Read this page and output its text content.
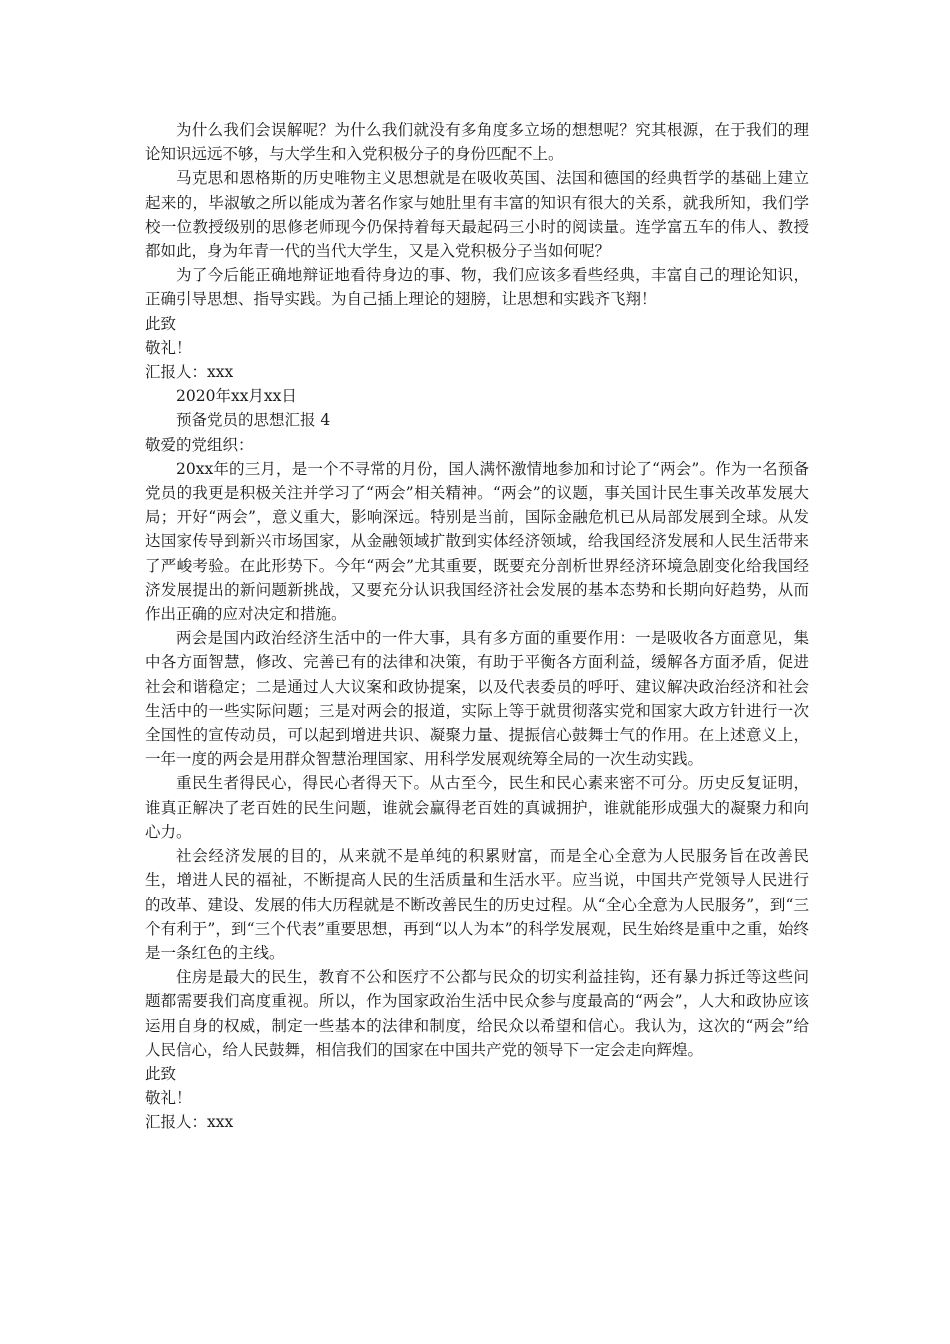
为什么我们会误解呢？为什么我们就没有多角度多立场的想想呢？究其根源，在于我们的理论知识远远不够，与大学生和入党积极分子的身份匹配不上。

马克思和恩格斯的历史唯物主义思想就是在吸收英国、法国和德国的经典哲学的基础上建立起来的，毕淑敏之所以能成为著名作家与她肚里有丰富的知识有很大的关系，就我所知，我们学校一位教授级别的思修老师现今仍保持着每天最起码三小时的阅读量。连学富五车的伟人、教授都如此，身为年青一代的当代大学生，又是入党积极分子当如何呢？

为了今后能正确地辩证地看待身边的事、物，我们应该多看些经典，丰富自己的理论知识，正确引导思想、指导实践。为自己插上理论的翅膀，让思想和实践齐飞翔！

此致

敬礼！

汇报人：xxx

2020年xx月xx日

预备党员的思想汇报 4

敬爱的党组织：

20xx年的三月，是一个不寻常的月份，国人满怀激情地参加和讨论了“两会”。作为一名预备党员的我更是积极关注并学习了“两会”相关精神。“两会”的议题，事关国计民生事关改革发展大局；开好“两会”，意义重大，影响深远。特别是当前，国际金融危机已从局部发展到全球。从发达国家传导到新兴市场国家，从金融领域扩散到实体经济领域，给我国经济发展和人民生活带来了严峻考验。在此形势下。今年“两会”尤其重要，既要充分剖析世界经济环境急剧变化给我国经济发展提出的新问题新挑战，又要充分认识我国经济社会发展的基本态势和长期向好趋势，从而作出正确的应对决定和措施。

两会是国内政治经济生活中的一件大事，具有多方面的重要作用：一是吸收各方面意见，集中各方面智慧，修改、完善已有的法律和决策，有助于平衡各方面利益，缓解各方面矛盾，促进社会和谐稳定；二是通过人大议案和政协提案，以及代表委员的呼吁、建议解决政治经济和社会生活中的一些实际问题；三是对两会的报道，实际上等于就贯彻落实党和国家大政方针进行一次全国性的宣传动员，可以起到增进共识、凝聚力量、提振信心鼓舞士气的作用。在上述意义上，一年一度的两会是用群众智慧治理国家、用科学发展观统筹全局的一次生动实践。

重民生者得民心，得民心者得天下。从古至今，民生和民心素来密不可分。历史反复证明，谁真正解决了老百姓的民生问题，谁就会赢得老百姓的真诚拥护，谁就能形成强大的凝聚力和向心力。

社会经济发展的目的，从来就不是单纯的积累财富，而是全心全意为人民服务旨在改善民生，增进人民的福祉，不断提高人民的生活质量和生活水平。应当说，中国共产党领导人民进行的改革、建设、发展的伟大历程就是不断改善民生的历史过程。从“全心全意为人民服务”，到“三个有利于”，到“三个代表”重要思想，再到“以人为本”的科学发展观，民生始终是重中之重，始终是一条红色的主线。

住房是最大的民生，教育不公和医疗不公都与民众的切实利益挂钩，还有暴力拆迁等这些问题都需要我们高度重视。所以，作为国家政治生活中民众参与度最高的“两会”，人大和政协应该运用自身的权威，制定一些基本的法律和制度，给民众以希望和信心。我认为，这次的“两会”给人民信心，给人民鼓舞，相信我们的国家在中国共产党的领导下一定会走向辉煌。

此致

敬礼！

汇报人：xxx
